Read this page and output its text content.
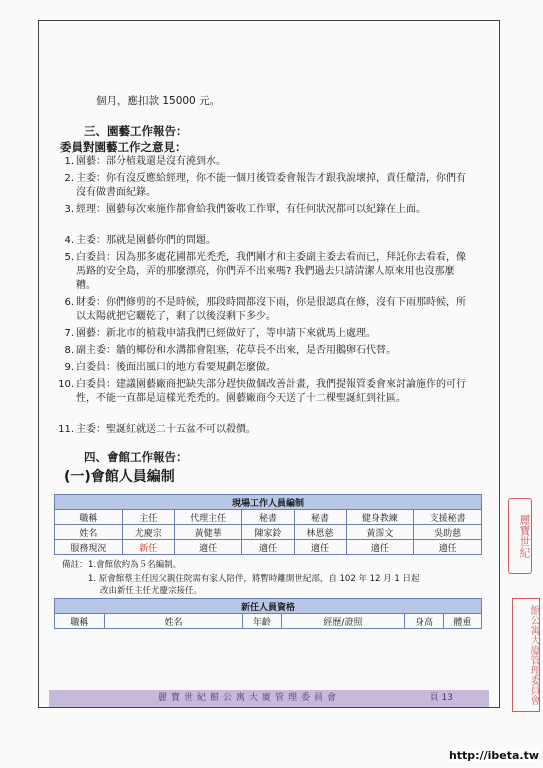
個月，應扣款 15000 元。
三、園藝工作報告：
委員對園藝工作之意見：
1. 園藝：部分植栽還是沒有澆到水。
2. 主委：你有沒反應給經理，你不能一個月後管委會報告才跟我說壞掉，責任釐清，你們有沒有做書面紀錄。
3. 經理：園藝每次來施作都會給我們簽收工作單，有任何狀況都可以紀錄在上面。
4. 主委：那就是園藝你們的問題。
5. 白委員：因為那多處花圃都光禿禿，我們剛才和主委副主委去看而已，拜託你去看看，像馬路的安全島，弄的那麼漂亮，你們弄不出來嗎? 我們過去只請清潔人原來用也沒那麼糟。
6. 財委：你們修剪的不是時候，那段時間都沒下雨，你是很認真在修，沒有下雨那時候，所以太陽就把它曬乾了，剩了以後沒剩下多少。
7. 園藝：新北市的植栽申請我們已經做好了，等申請下來就馬上處理。
8. 副主委：牆的椰份和水溝都會阻塞，花草長不出來，是否用鵝卵石代替。
9. 白委員：後面出風口的地方看要規劃怎麼做。
10. 白委員：建議園藝廠商把缺失部分趕快做個改善計畫，我們提報管委會來討論施作的可行性，不能一直都是這樣光禿禿的。園藝廠商今天送了十二棵聖誕紅到社區。
11. 主委：聖誕紅就送二十五盆不可以殺價。
四、會館工作報告：
(一)會館人員編制
現場工作人員編制						
職稱	主任	代理主任	秘書	秘書	健身教練	支援秘書
姓名	尤慶宗	黃健華	陳家鈴	林恩慈	黃霈文	吳助慈
服務現況	新任	適任	適任	適任	適任	適任
備註： 1.會館依約為５名編制。
1. 原會館蔡主任因父親住院需有家人陪伴，將暫時離開世紀部，自 102 年 12 月 1 日起
改由新任主任尤慶宗接任。
新任人員資格
職稱	姓名	年齡	經歷/證照	身高	體重
麗寶世紀館公寓大廈管理委員會	頁 13
麗寶世紀
館公寓大廈管理委員會
http://ibeta.tw
